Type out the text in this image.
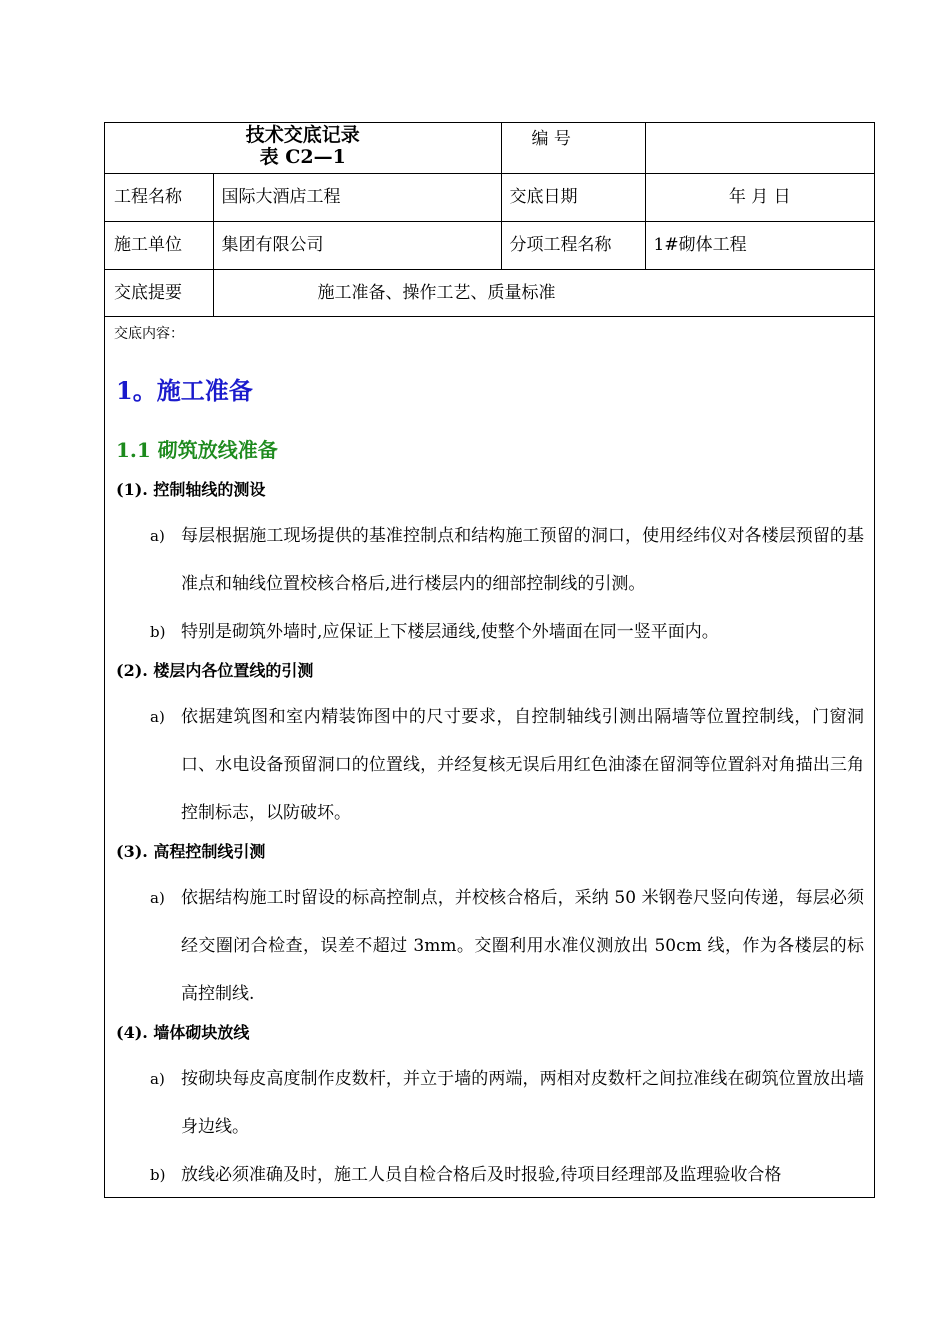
技术交底记录
表 C2—1		编 号	
工程名称	国际大酒店工程	交底日期	年 月 日
施工单位	集团有限公司	分项工程名称	1#砌体工程
交底提要	施工准备、操作工艺、质量标准		
交底内容：
1。施工准备
1.1 砌筑放线准备
(1). 控制轴线的测设
a) 每层根据施工现场提供的基准控制点和结构施工预留的洞口，使用经纬仪对各楼层预留的基准点和轴线位置校核合格后,进行楼层内的细部控制线的引测。
b) 特别是砌筑外墙时,应保证上下楼层通线,使整个外墙面在同一竖平面内。
(2). 楼层内各位置线的引测
a) 依据建筑图和室内精装饰图中的尺寸要求，自控制轴线引测出隔墙等位置控制线，门窗洞口、水电设备预留洞口的位置线，并经复核无误后用红色油漆在留洞等位置斜对角描出三角控制标志，以防破坏。
(3). 高程控制线引测
a) 依据结构施工时留设的标高控制点，并校核合格后，采纳 50 米钢卷尺竖向传递，每层必须经交圈闭合检查，误差不超过 3mm。交圈利用水准仪测放出 50cm 线，作为各楼层的标高控制线.
(4). 墙体砌块放线
a) 按砌块每皮高度制作皮数杆，并立于墙的两端，两相对皮数杆之间拉准线在砌筑位置放出墙身边线。
b) 放线必须准确及时，施工人员自检合格后及时报验,待项目经理部及监理验收合格
